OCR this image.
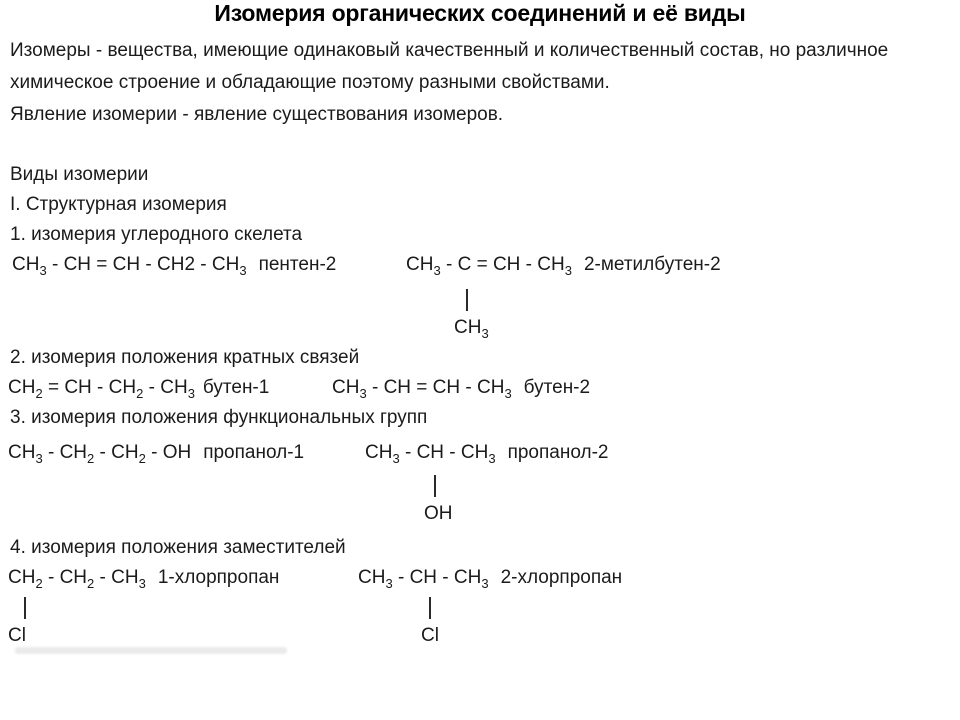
Изомерия органических соединений и её виды
Изомеры - вещества, имеющие одинаковый качественный и количественный состав, но различное
химическое строение и обладающие поэтому разными свойствами.
Явление изомерии - явление существования изомеров.
Виды изомерии
I. Структурная изомерия
1. изомерия углеродного скелета
$CH_3$ - CH = CH - $CH2 - CH_3$ пентен-2	$CH_3$ - C = CH - $CH_3$ 2-метилбутен-2
$CH_3$
2. изомерия положения кратных связей
$CH_2$ = CH - $CH_2 - CH_3$ бутен-1	$CH_3$ - CH = CH - $CH_3$ бутен-2
3. изомерия положения функциональных групп
$CH_3 - CH_2 - CH_2$ - OH пропанол-1	$CH_3$ - CH - $CH_3$ пропанол-2
OH
4. изомерия положения заместителей
$CH_2 - CH_2 - CH_3$ 1-хлорпропан
Cl
$CH_3$ - CH - $CH_3$ 2-хлорпропан
Cl
